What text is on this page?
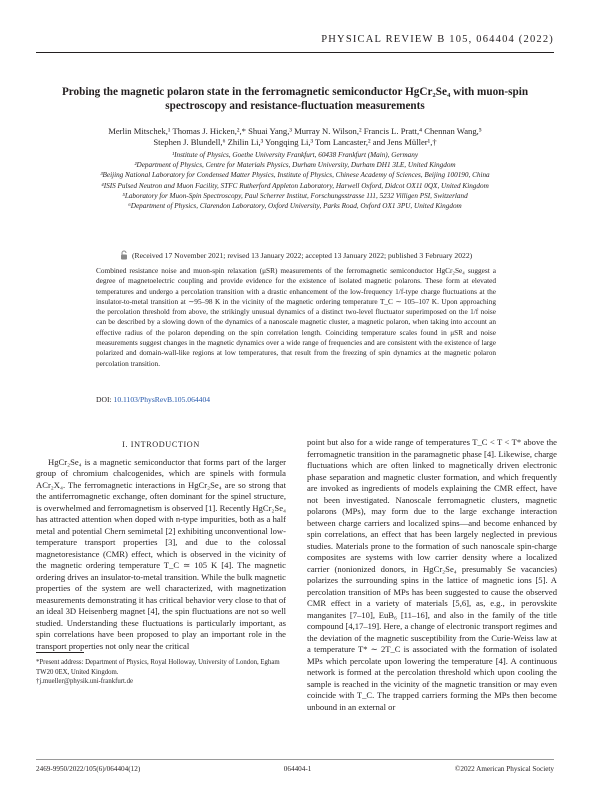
PHYSICAL REVIEW B 105, 064404 (2022)
Probing the magnetic polaron state in the ferromagnetic semiconductor HgCr₂Se₄ with muon-spin spectroscopy and resistance-fluctuation measurements
Merlin Mitschek,¹ Thomas J. Hicken,²,* Shuai Yang,³ Murray N. Wilson,² Francis L. Pratt,⁴ Chennan Wang,⁵
Stephen J. Blundell,⁶ Zhilin Li,³ Yongqing Li,³ Tom Lancaster,² and Jens Müller¹,†
¹Institute of Physics, Goethe University Frankfurt, 60438 Frankfurt (Main), Germany
²Department of Physics, Centre for Materials Physics, Durham University, Durham DH1 3LE, United Kingdom
³Beijing National Laboratory for Condensed Matter Physics, Institute of Physics, Chinese Academy of Sciences, Beijing 100190, China
⁴ISIS Pulsed Neutron and Muon Facility, STFC Rutherford Appleton Laboratory, Harwell Oxford, Didcot OX11 0QX, United Kingdom
⁵Laboratory for Muon-Spin Spectroscopy, Paul Scherrer Institut, Forschungsstrasse 111, 5232 Villigen PSI, Switzerland
⁶Department of Physics, Clarendon Laboratory, Oxford University, Parks Road, Oxford OX1 3PU, United Kingdom
(Received 17 November 2021; revised 13 January 2022; accepted 13 January 2022; published 3 February 2022)
Combined resistance noise and muon-spin relaxation (μSR) measurements of the ferromagnetic semiconductor HgCr₂Se₄ suggest a degree of magnetoelectric coupling and provide evidence for the existence of isolated magnetic polarons. These form at elevated temperatures and undergo a percolation transition with a drastic enhancement of the low-frequency 1/f-type charge fluctuations at the insulator-to-metal transition at ∼95–98 K in the vicinity of the magnetic ordering temperature T_C ∼ 105–107 K. Upon approaching the percolation threshold from above, the strikingly unusual dynamics of a distinct two-level fluctuator superimposed on the 1/f noise can be described by a slowing down of the dynamics of a nanoscale magnetic cluster, a magnetic polaron, when taking into account an effective radius of the polaron depending on the spin correlation length. Coinciding temperature scales found in μSR and noise measurements suggest changes in the magnetic dynamics over a wide range of frequencies and are consistent with the existence of large polarized and domain-wall-like regions at low temperatures, that result from the freezing of spin dynamics at the magnetic polaron percolation transition.
DOI: 10.1103/PhysRevB.105.064404
I. INTRODUCTION

HgCr₂Se₄ is a magnetic semiconductor that forms part of the larger group of chromium chalcogenides, which are spinels with formula ACr₂X₄. The ferromagnetic interactions in HgCr₂Se₄ are so strong that the antiferromagnetic exchange, often dominant for the spinel structure, is overwhelmed and ferromagnetism is observed [1]. Recently HgCr₂Se₄ has attracted attention when doped with n-type impurities, both as a half metal and potential Chern semimetal [2] exhibiting unconventional low-temperature transport properties [3], and due to the colossal magnetoresistance (CMR) effect, which is observed in the vicinity of the magnetic ordering temperature T_C ≃ 105 K [4]. The magnetic ordering drives an insulator-to-metal transition. While the bulk magnetic properties of the system are well characterized, with magnetization measurements demonstrating it has critical behavior very close to that of an ideal 3D Heisenberg magnet [4], the spin fluctuations are not so well studied. Understanding these fluctuations is particularly important, as spin correlations have been proposed to play an important role in the transport properties not only near the critical

point but also for a wide range of temperatures T_C < T < T* above the ferromagnetic transition in the paramagnetic phase [4]. Likewise, charge fluctuations which are often linked to magnetically driven electronic phase separation and magnetic cluster formation, and which frequently are invoked as ingredients of models explaining the CMR effect, have not been investigated. Nanoscale ferromagnetic clusters, magnetic polarons (MPs), may form due to the large exchange interaction between charge carriers and localized spins—and become enhanced by spin correlations, an effect that has been largely neglected in previous studies. Materials prone to the formation of such nanoscale spin-charge composites are systems with low carrier density where a localized carrier (nonionized donors, in HgCr₂Se₄ presumably Se vacancies) polarizes the surrounding spins in the lattice of magnetic ions [5]. A percolation transition of MPs has been suggested to cause the observed CMR effect in a variety of materials [5,6], as, e.g., in perovskite manganites [7–10], EuB₆ [11–16], and also in the family of the title compound [4,17–19]. Here, a change of electronic transport regimes and the deviation of the magnetic susceptibility from the Curie-Weiss law at a temperature T* ∼ 2T_C is associated with the formation of isolated MPs which percolate upon lowering the temperature [4]. A continuous network is formed at the percolation threshold which upon cooling the sample is reached in the vicinity of the magnetic transition or may even coincide with T_C. The trapped carriers forming the MPs then become unbound in an external or

*Present address: Department of Physics, Royal Holloway, University of London, Egham TW20 0EX, United Kingdom.
†j.mueller@physik.uni-frankfurt.de
2469-9950/2022/105(6)/064404(12)	064404-1	©2022 American Physical Society
